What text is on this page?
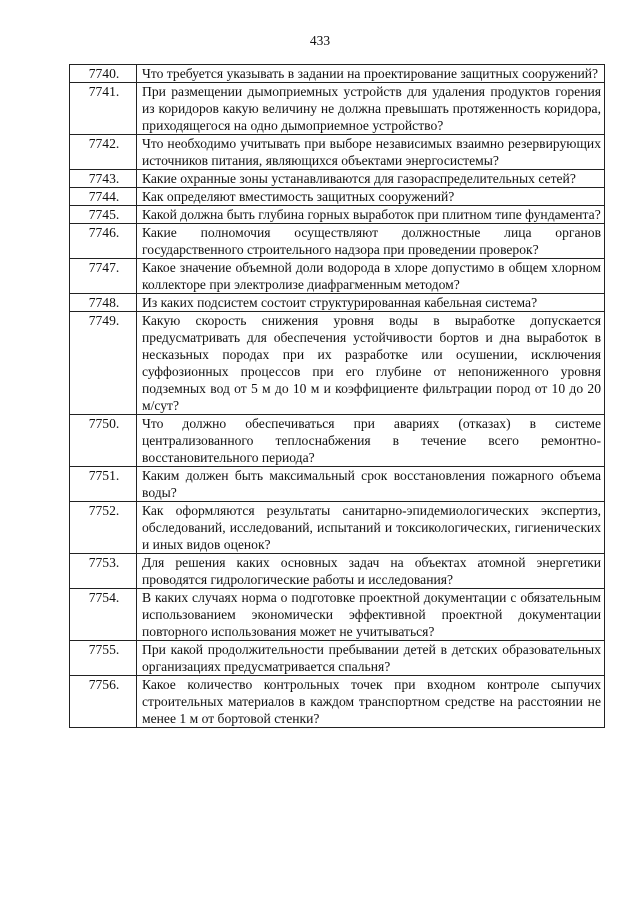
433
7740.	Что требуется указывать в задании на проектирование защитных сооружений?
7741.	При размещении дымоприемных устройств для удаления продуктов горения из коридоров какую величину не должна превышать протяженность коридора, приходящегося на одно дымоприемное устройство?
7742.	Что необходимо учитывать при выборе независимых взаимно резервирующих источников питания, являющихся объектами энергосистемы?
7743.	Какие охранные зоны устанавливаются для газораспределительных сетей?
7744.	Как определяют вместимость защитных сооружений?
7745.	Какой должна быть глубина горных выработок при плитном типе фундамента?
7746.	Какие полномочия осуществляют должностные лица органов государственного строительного надзора при проведении проверок?
7747.	Какое значение объемной доли водорода в хлоре допустимо в общем хлорном коллекторе при электролизе диафрагменным методом?
7748.	Из каких подсистем состоит структурированная кабельная система?
7749.	Какую скорость снижения уровня воды в выработке допускается предусматривать для обеспечения устойчивости бортов и дна выработок в несказьных породах при их разработке или осушении, исключения суффозионных процессов при его глубине от непониженного уровня подземных вод от 5 м до 10 м и коэффициенте фильтрации пород от 10 до 20 м/сут?
7750.	Что должно обеспечиваться при авариях (отказах) в системе централизованного теплоснабжения в течение всего ремонтно-восстановительного периода?
7751.	Каким должен быть максимальный срок восстановления пожарного объема воды?
7752.	Как оформляются результаты санитарно-эпидемиологических экспертиз, обследований, исследований, испытаний и токсикологических, гигиенических и иных видов оценок?
7753.	Для решения каких основных задач на объектах атомной энергетики проводятся гидрологические работы и исследования?
7754.	В каких случаях норма о подготовке проектной документации с обязательным использованием экономически эффективной проектной документации повторного использования может не учитываться?
7755.	При какой продолжительности пребывании детей в детских образовательных организациях предусматривается спальня?
7756.	Какое количество контрольных точек при входном контроле сыпучих строительных материалов в каждом транспортном средстве на расстоянии не менее 1 м от бортовой стенки?
